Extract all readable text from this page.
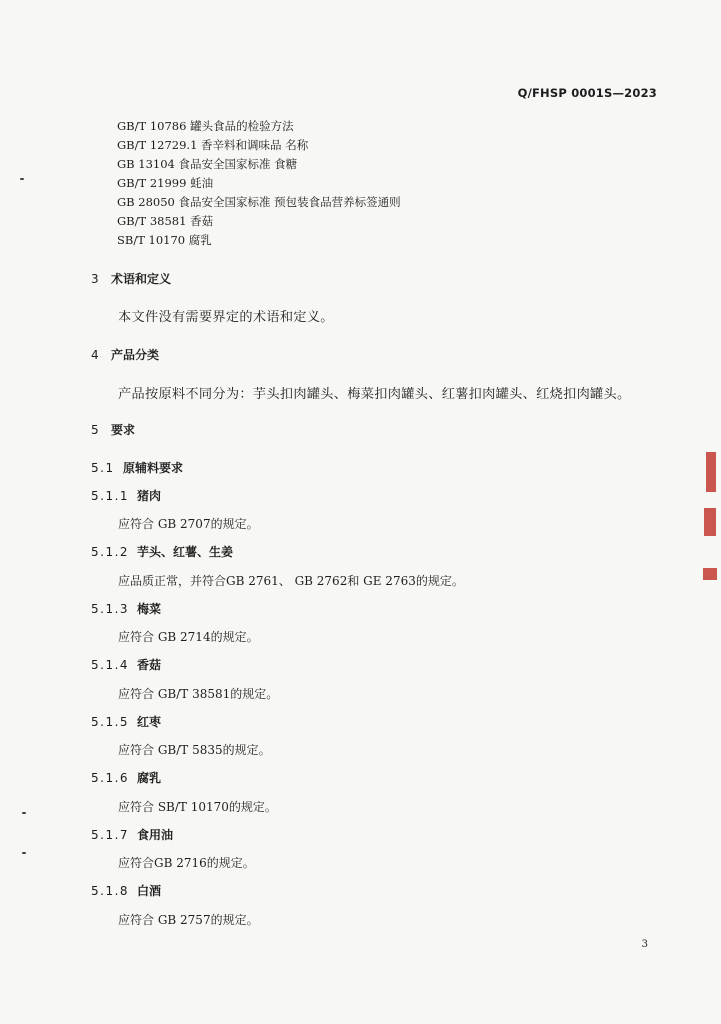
Q/FHSP 0001S—2023
GB/T 10786 罐头食品的检验方法
GB/T 12729.1 香辛料和调味品 名称
GB 13104 食品安全国家标准 食糖
GB/T 21999 蚝油
GB 28050 食品安全国家标准 预包装食品营养标签通则
GB/T 38581 香菇
SB/T 10170 腐乳
3 术语和定义
本文件没有需要界定的术语和定义。
4 产品分类
产品按原料不同分为：芋头扣肉罐头、梅菜扣肉罐头、红薯扣肉罐头、红烧扣肉罐头。
5 要求
5.1 原辅料要求
5.1.1 猪肉
应符合 GB 2707的规定。
5.1.2 芋头、红薯、生姜
应品质正常，并符合GB 2761、 GB 2762和 GE 2763的规定。
5.1.3 梅菜
应符合 GB 2714的规定。
5.1.4 香菇
应符合 GB/T 38581的规定。
5.1.5 红枣
应符合 GB/T 5835的规定。
5.1.6 腐乳
应符合 SB/T 10170的规定。
5.1.7 食用油
应符合GB 2716的规定。
5.1.8 白酒
应符合 GB 2757的规定。
3
